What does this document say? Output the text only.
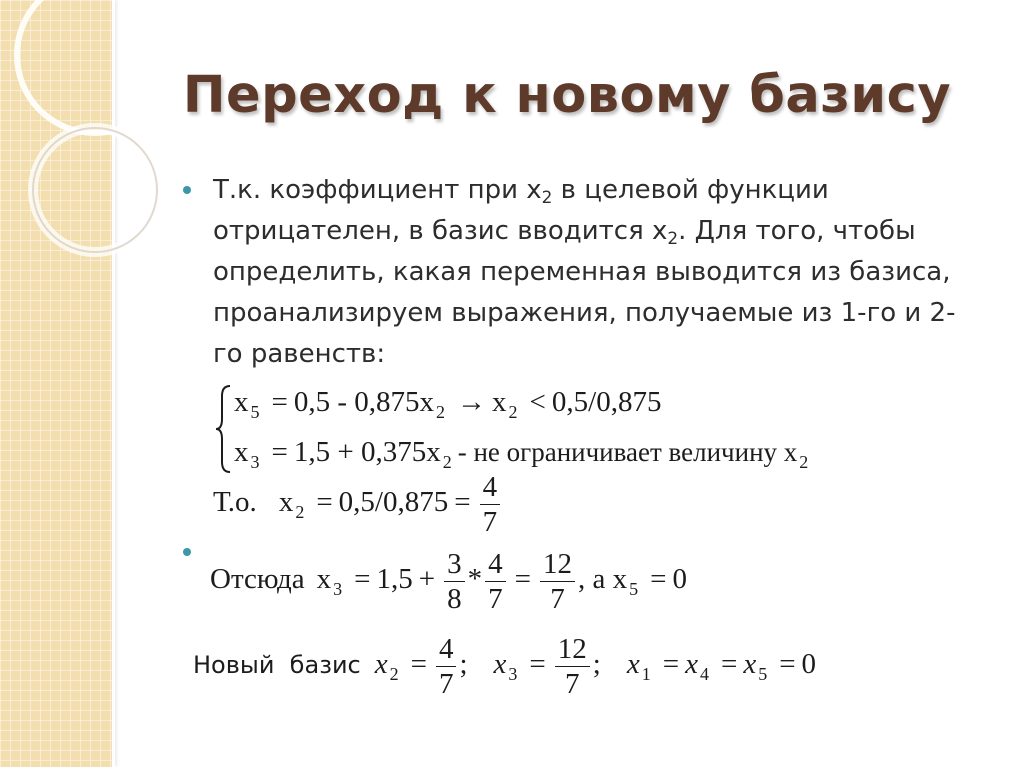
Переход к новому базису
Т.к. коэффициент при $x_2$ в целевой функции
отрицателен, в базис вводится $x_2$. Для того, чтобы
определить, какая переменная выводится из базиса,
проанализируем выражения, получаемые из 1-го и 2-
го равенств:
x $_5$ = 0,5 - 0,875x $_2$ → x $_2$ < 0,5/0,875
x $_3$ = 1,5 + 0,375x $_2$ - не ограничивает величину x $_2$
Т.о. x $_2 = 0,5/0,875 = \frac{4}{7}$
Отсюда x $_3 = 1,5 + \frac{3}{8} * \frac{4}{7} = \frac{12}{7}$ , а x $_5$ = 0
Новый  базис x $_2 = \frac{4}{7}$ ; x $_3 = \frac{12}{7}$ ; x $_1$ = x $_4$ = x $_5$ = 0
